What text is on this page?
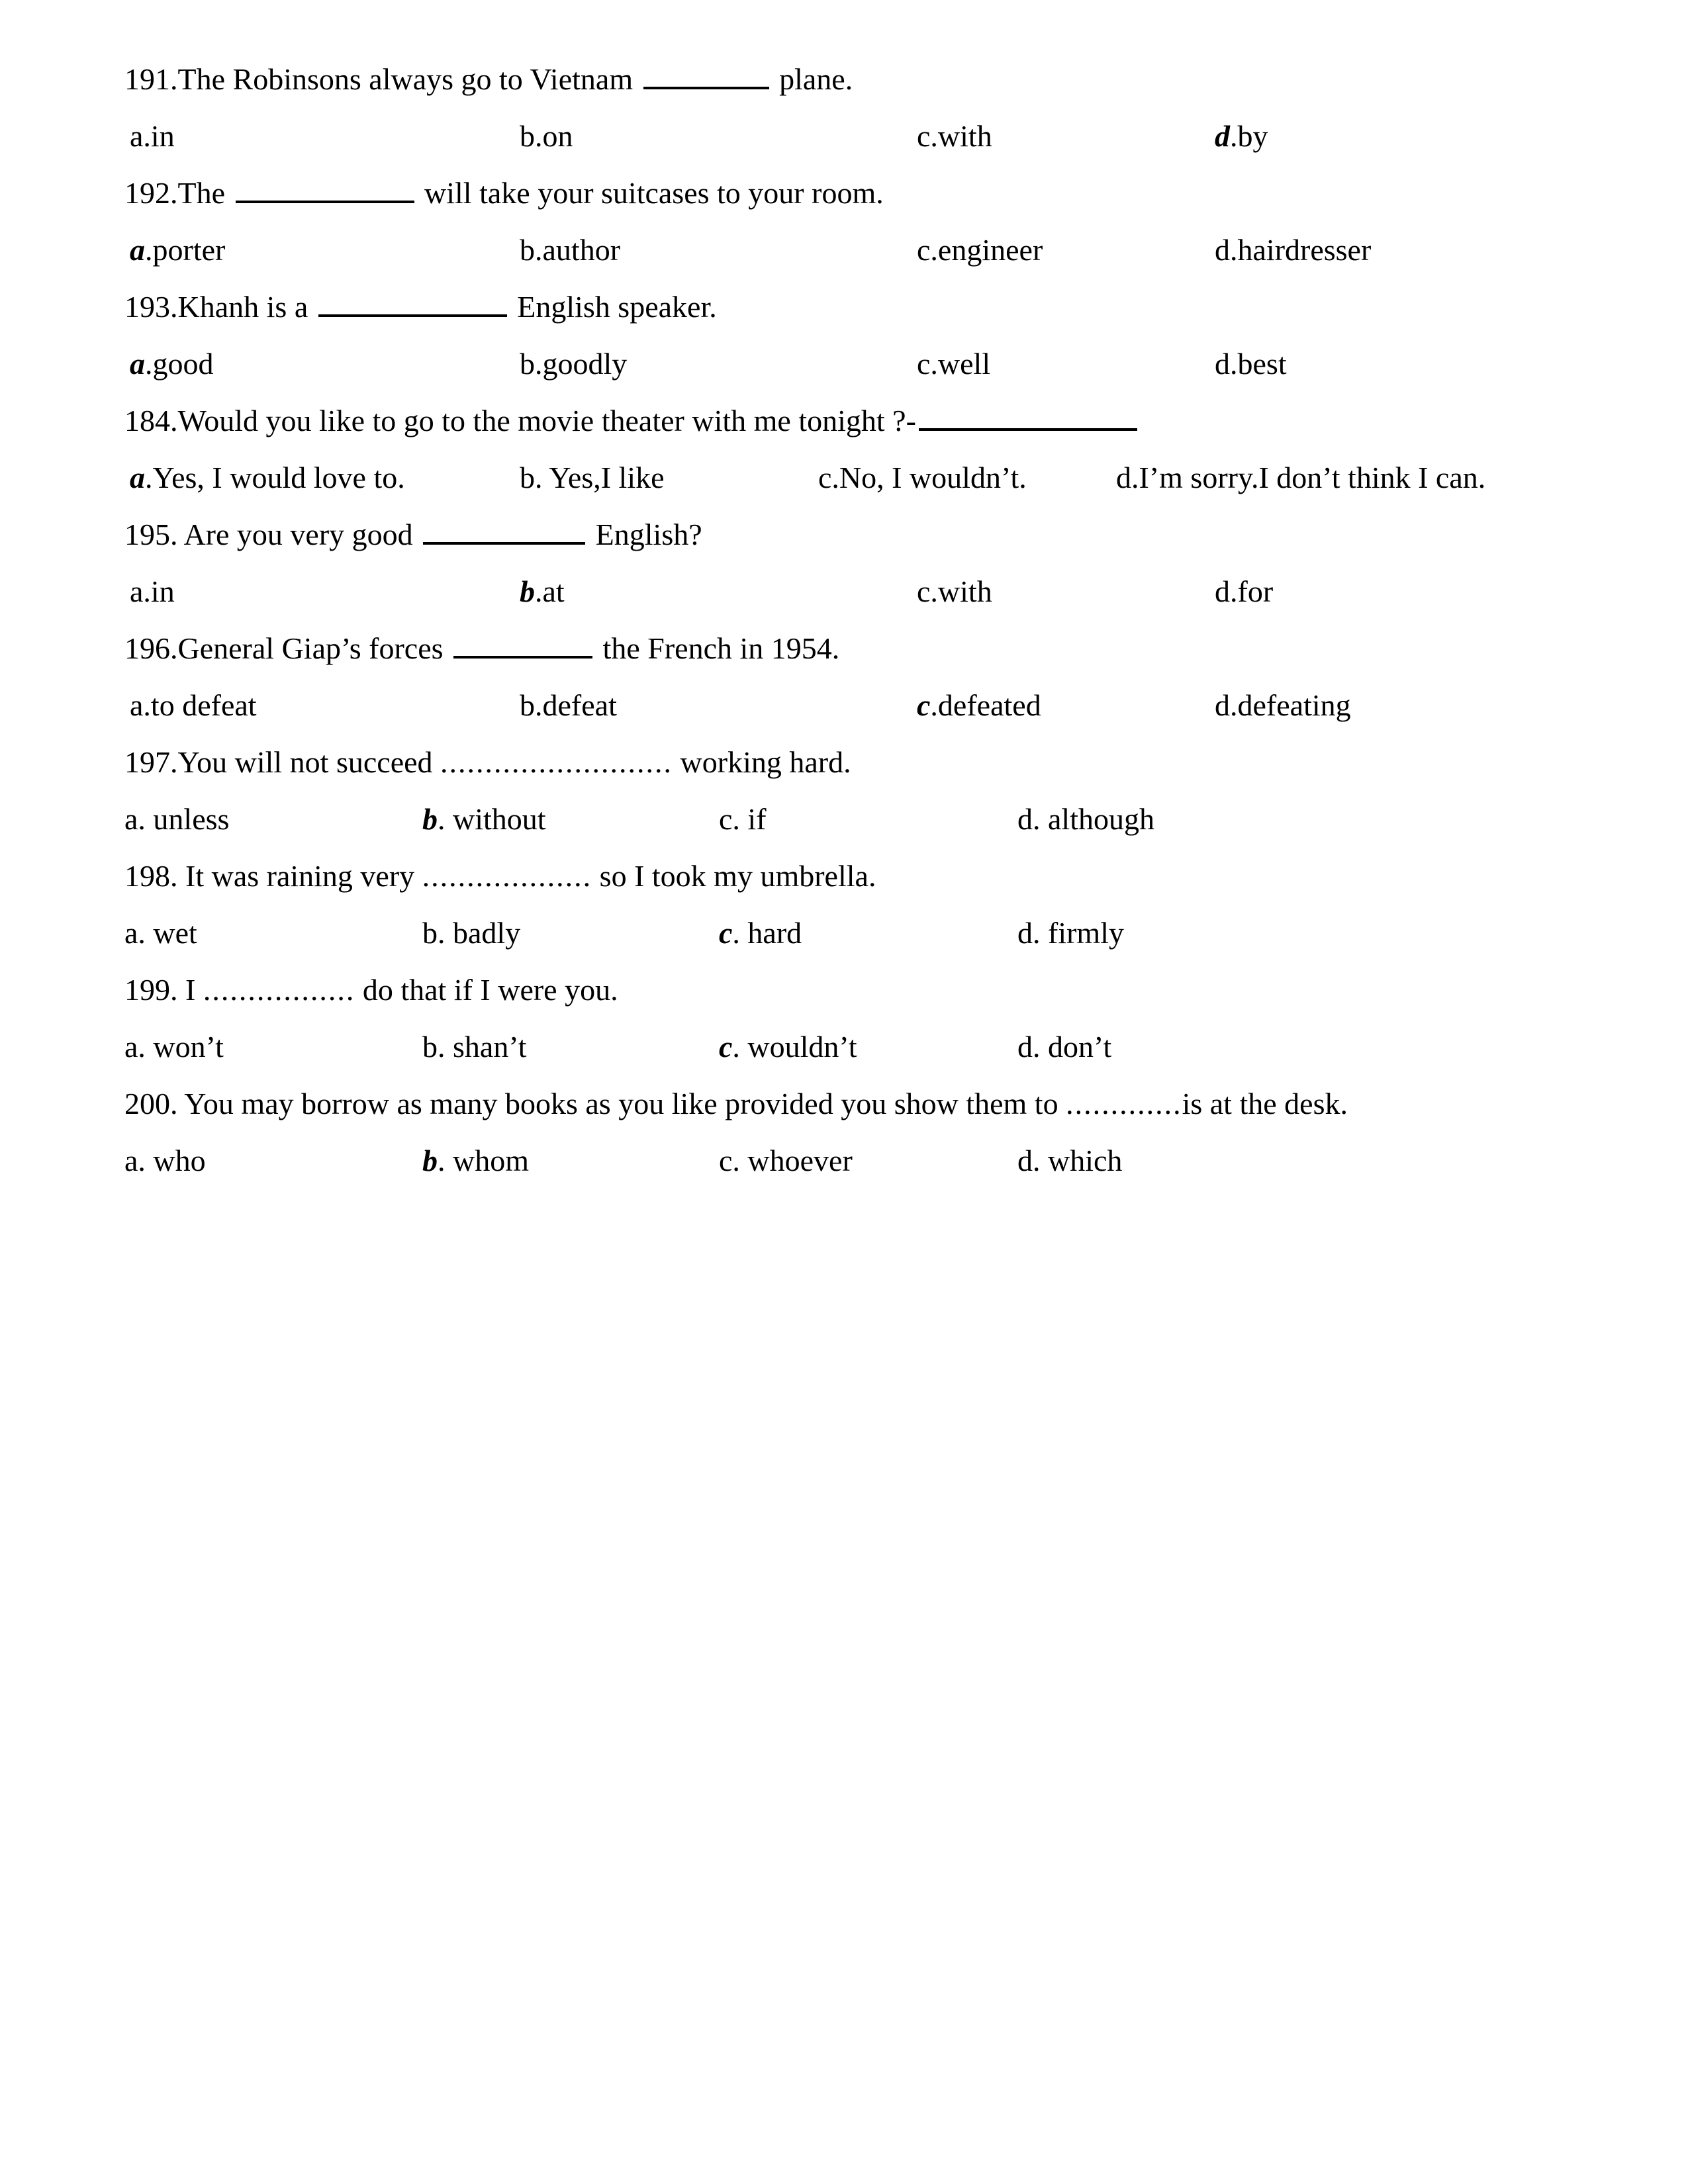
191.The Robinsons always go to Vietnam	plane.
a.in	b.on	c.with	d.by
192.The	will take your suitcases to your room.
a.porter	b.author	c.engineer	d.hairdresser
193.Khanh is a	English speaker.
a.good	b.goodly	c.well	d.best
184.Would you like to go to the movie theater with me tonight ?-
a.Yes, I would love to.	b. Yes,I like	c.No, I wouldn’t.	d.I’m sorry.I don’t think I can.
195. Are you very good	English?
a.in	b.at	c.with	d.for
196.General Giap’s forces	the French in 1954.
a.to defeat	b.defeat	c.defeated	d.defeating
197.You will not succeed .......................... working hard.
a. unless	b. without	c. if	d. although
198. It was raining very ................... so I took my umbrella.
a. wet	b. badly	c. hard	d. firmly
199. I ................. do that if I were you.
a. won’t	b. shan’t	c. wouldn’t	d. don’t
200. You may borrow as many books as you like provided you show them to .............is at the desk.
a. who	b. whom	c. whoever	d. which
